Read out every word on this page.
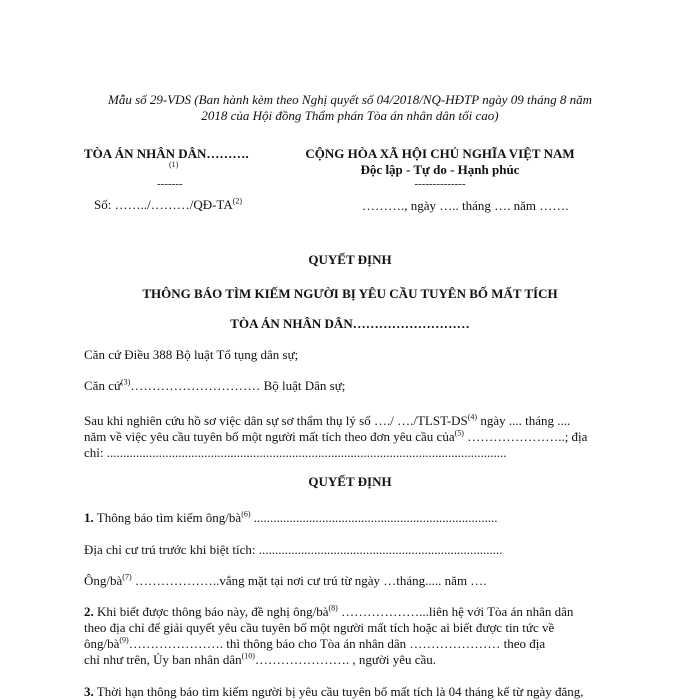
Mẫu số 29-VDS (Ban hành kèm theo Nghị quyết số 04/2018/NQ-HĐTP ngày 09 tháng 8 năm
2018 của Hội đồng Thẩm phán Tòa án nhân dân tối cao)
TÒA ÁN NHÂN DÂN……….
(1)
-------
Số: ……../………/QĐ-TA$^{(2)}$
CỘNG HÒA XÃ HỘI CHỦ NGHĨA VIỆT NAM
Độc lập - Tự do - Hạnh phúc
--------------
………., ngày ….. tháng …. năm …….
QUYẾT ĐỊNH
THÔNG BÁO TÌM KIẾM NGƯỜI BỊ YÊU CẦU TUYÊN BỐ MẤT TÍCH
TÒA ÁN NHÂN DÂN………………………
Căn cứ Điều 388 Bộ luật Tố tụng dân sự;
Căn cứ$^{(3)}$………………………… Bộ luật Dân sự;
Sau khi nghiên cứu hồ sơ việc dân sự sơ thẩm thụ lý số …./ …./TLST-DS$^{(4)}$ ngày .... tháng ....
năm về việc yêu cầu tuyên bố một người mất tích theo đơn yêu cầu của$^{(5)}$ …………………..; địa
chỉ: ...........................................................................................................................
QUYẾT ĐỊNH
1. Thông báo tìm kiếm ông/$bà^{(6)}$ ...........................................................................
Địa chỉ cư trú trước khi biệt tích: ...........................................................................
Ông/$bà^{(7)}$ ………………..vắng mặt tại nơi cư trú từ ngày …tháng..... năm ….
2. Khi biết được thông báo này, đề nghị ông/$bà^{(8)}$ ………………...liên hệ với Tòa án nhân dân
theo địa chỉ để giải quyết yêu cầu tuyên bố một người mất tích hoặc ai biết được tin tức về
ông/$bà^{(9)}\dots\dots\dots\dots\dots\dots\dots$. thì thông báo cho Tòa án nhân dân ………………… theo địa
chỉ như trên, Ủy ban nhân dân$^{(10)}$…………………. , người yêu cầu.
3. Thời hạn thông báo tìm kiếm người bị yêu cầu tuyên bố mất tích là 04 tháng kể từ ngày đăng,
